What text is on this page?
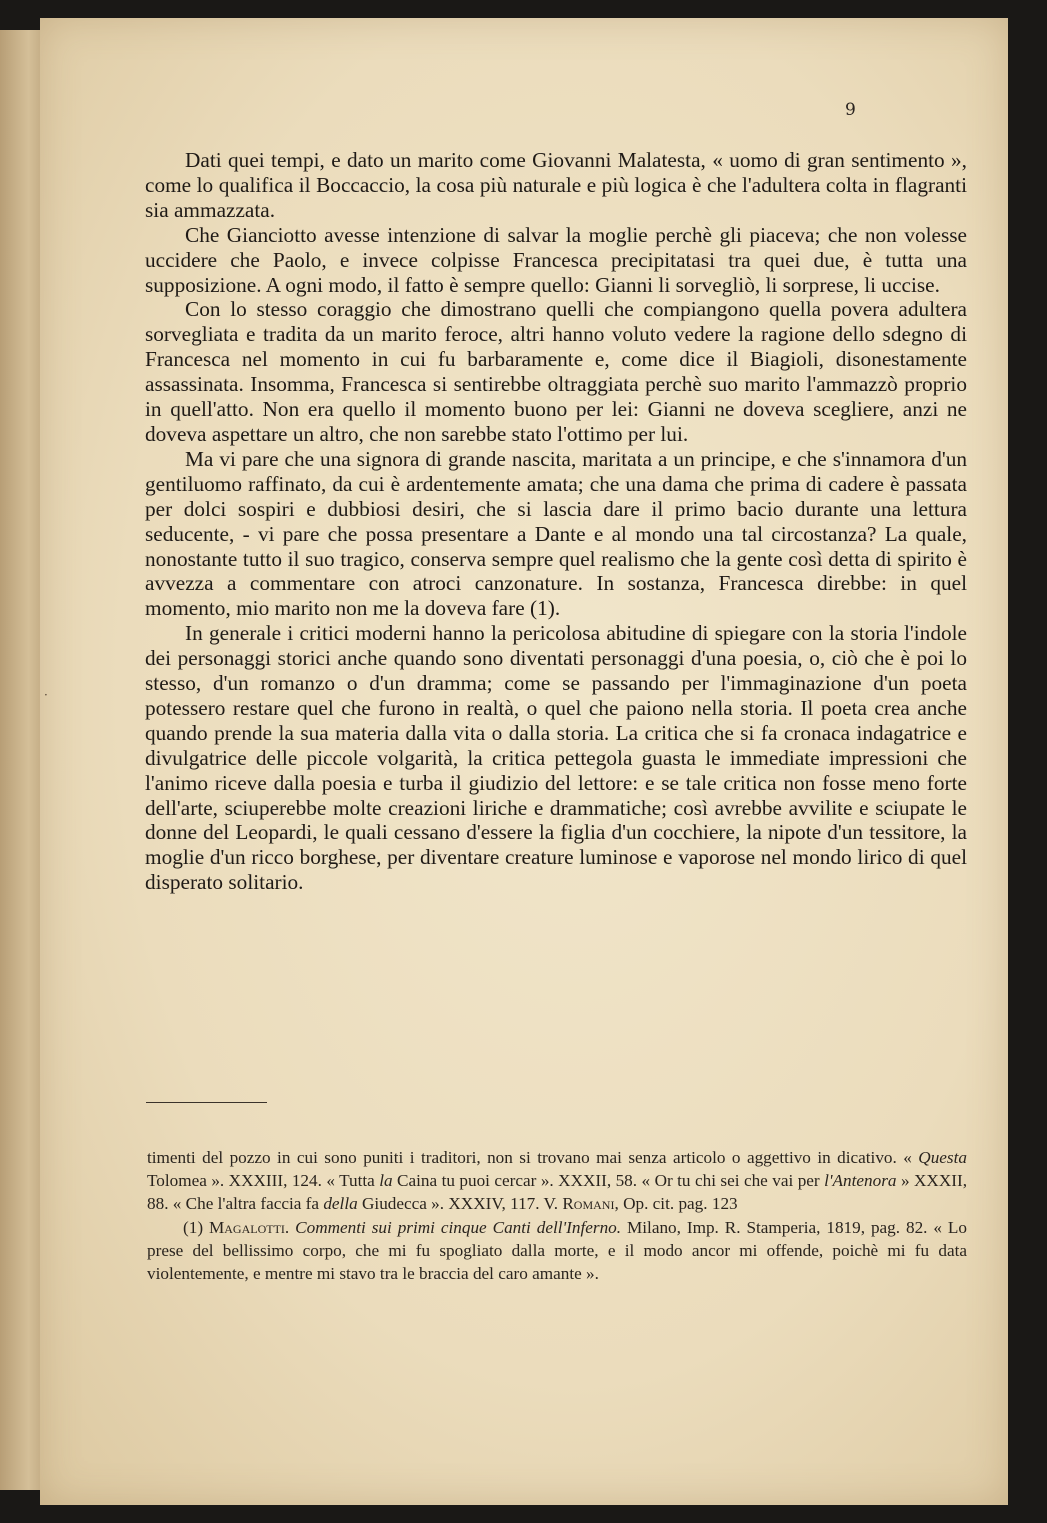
·
9

Dati quei tempi, e dato un marito come Giovanni Malatesta, « uomo di gran sentimento », come lo qualifica il Boccaccio, la cosa più naturale e più logica è che l'adultera colta in flagranti sia ammazzata.

Che Gianciotto avesse intenzione di salvar la moglie perchè gli piaceva; che non volesse uccidere che Paolo, e invece colpisse Francesca precipitatasi tra quei due, è tutta una supposizione. A ogni modo, il fatto è sempre quello: Gianni li sorvegliò, li sorprese, li uccise.

Con lo stesso coraggio che dimostrano quelli che compiangono quella povera adultera sorvegliata e tradita da un marito feroce, altri hanno voluto vedere la ragione dello sdegno di Francesca nel momento in cui fu barbaramente e, come dice il Biagioli, disonestamente assassinata. Insomma, Francesca si sentirebbe oltraggiata perchè suo marito l'ammazzò proprio in quell'atto. Non era quello il momento buono per lei: Gianni ne doveva scegliere, anzi ne doveva aspettare un altro, che non sarebbe stato l'ottimo per lui.

Ma vi pare che una signora di grande nascita, maritata a un principe, e che s'innamora d'un gentiluomo raffinato, da cui è ardentemente amata; che una dama che prima di cadere è passata per dolci sospiri e dubbiosi desiri, che si lascia dare il primo bacio durante una lettura seducente, - vi pare che possa presentare a Dante e al mondo una tal circostanza? La quale, nonostante tutto il suo tragico, conserva sempre quel realismo che la gente così detta di spirito è avvezza a commentare con atroci canzonature. In sostanza, Francesca direbbe: in quel momento, mio marito non me la doveva fare (1).

In generale i critici moderni hanno la pericolosa abitudine di spiegare con la storia l'indole dei personaggi storici anche quando sono diventati personaggi d'una poesia, o, ciò che è poi lo stesso, d'un romanzo o d'un dramma; come se passando per l'immaginazione d'un poeta potessero restare quel che furono in realtà, o quel che paiono nella storia. Il poeta crea anche quando prende la sua materia dalla vita o dalla storia. La critica che si fa cronaca indagatrice e divulgatrice delle piccole volgarità, la critica pettegola guasta le immediate impressioni che l'animo riceve dalla poesia e turba il giudizio del lettore: e se tale critica non fosse meno forte dell'arte, sciuperebbe molte creazioni liriche e drammatiche; così avrebbe avvilite e sciupate le donne del Leopardi, le quali cessano d'essere la figlia d'un cocchiere, la nipote d'un tessitore, la moglie d'un ricco borghese, per diventare creature luminose e vaporose nel mondo lirico di quel disperato solitario.

timenti del pozzo in cui sono puniti i traditori, non si trovano mai senza articolo o aggettivo in dicativo. « Questa Tolomea ». XXXIII, 124. « Tutta la Caina tu puoi cercar ». XXXII, 58. « Or tu chi sei che vai per l'Antenora » XXXII, 88. « Che l'altra faccia fa della Giudecca ». XXXIV, 117. V. Romani, Op. cit. pag. 123

(1) Magalotti. Commenti sui primi cinque Canti dell'Inferno. Milano, Imp. R. Stamperia, 1819, pag. 82. « Lo prese del bellissimo corpo, che mi fu spogliato dalla morte, e il modo ancor mi offende, poichè mi fu data violentemente, e mentre mi stavo tra le braccia del caro amante ».
